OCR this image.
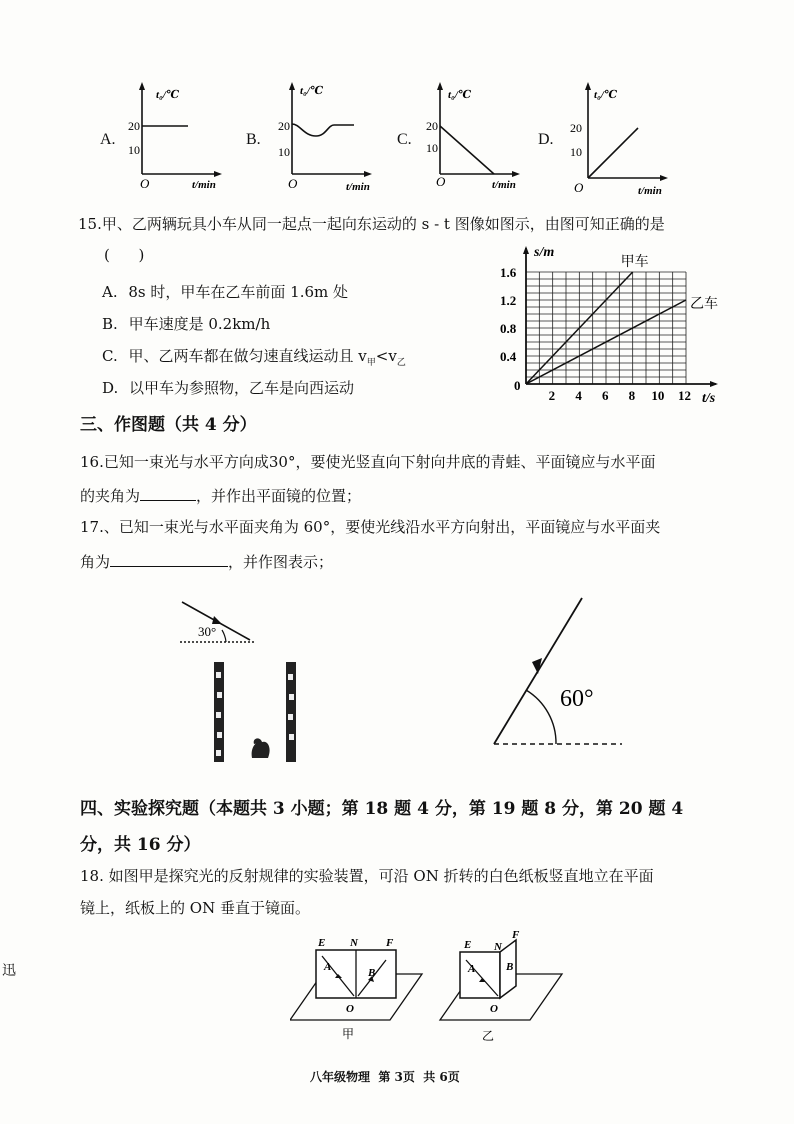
A.
t₀/℃
20
10
O	t/min
B.
t₀/℃
20
10
O	t/min
C.
t₀/℃
20
10
O	t/min
D.
t₀/℃
20
10
O	t/min
15.甲、乙两辆玩具小车从同一起点一起向东运动的 s - t 图像如图示，由图可知正确的是
(      )
A. 8s 时，甲车在乙车前面 1.6m 处
B. 甲车速度是 0.2km/h
C. 甲、乙两车都在做匀速直线运动且 $v_甲<v_乙$
D. 以甲车为参照物，乙车是向西运动
s/m
t/s
0
2 4 6 8 10 12
0.4
0.8
1.2
1.6
甲车
乙车
三、作图题（共 4 分）
16.已知一束光与水平方向成30°，要使光竖直向下射向井底的青蛙、平面镜应与水平面
的夹角为	，并作出平面镜的位置；
17.、已知一束光与水平面夹角为 60°，要使光线沿水平方向射出，平面镜应与水平面夹
角为	，并作图表示；
30°
60°
四、实验探究题（本题共 3 小题；第 18 题 4 分，第 19 题 8 分，第 20 题 4
分，共 16 分）
18. 如图甲是探究光的反射规律的实验装置，可沿 ON 折转的白色纸板竖直地立在平面
镜上，纸板上的 ON 垂直于镜面。
E N	F
A	B
O
甲
E N
F
A	B
O
乙
迅
八年级物理  第 3页  共 6页
